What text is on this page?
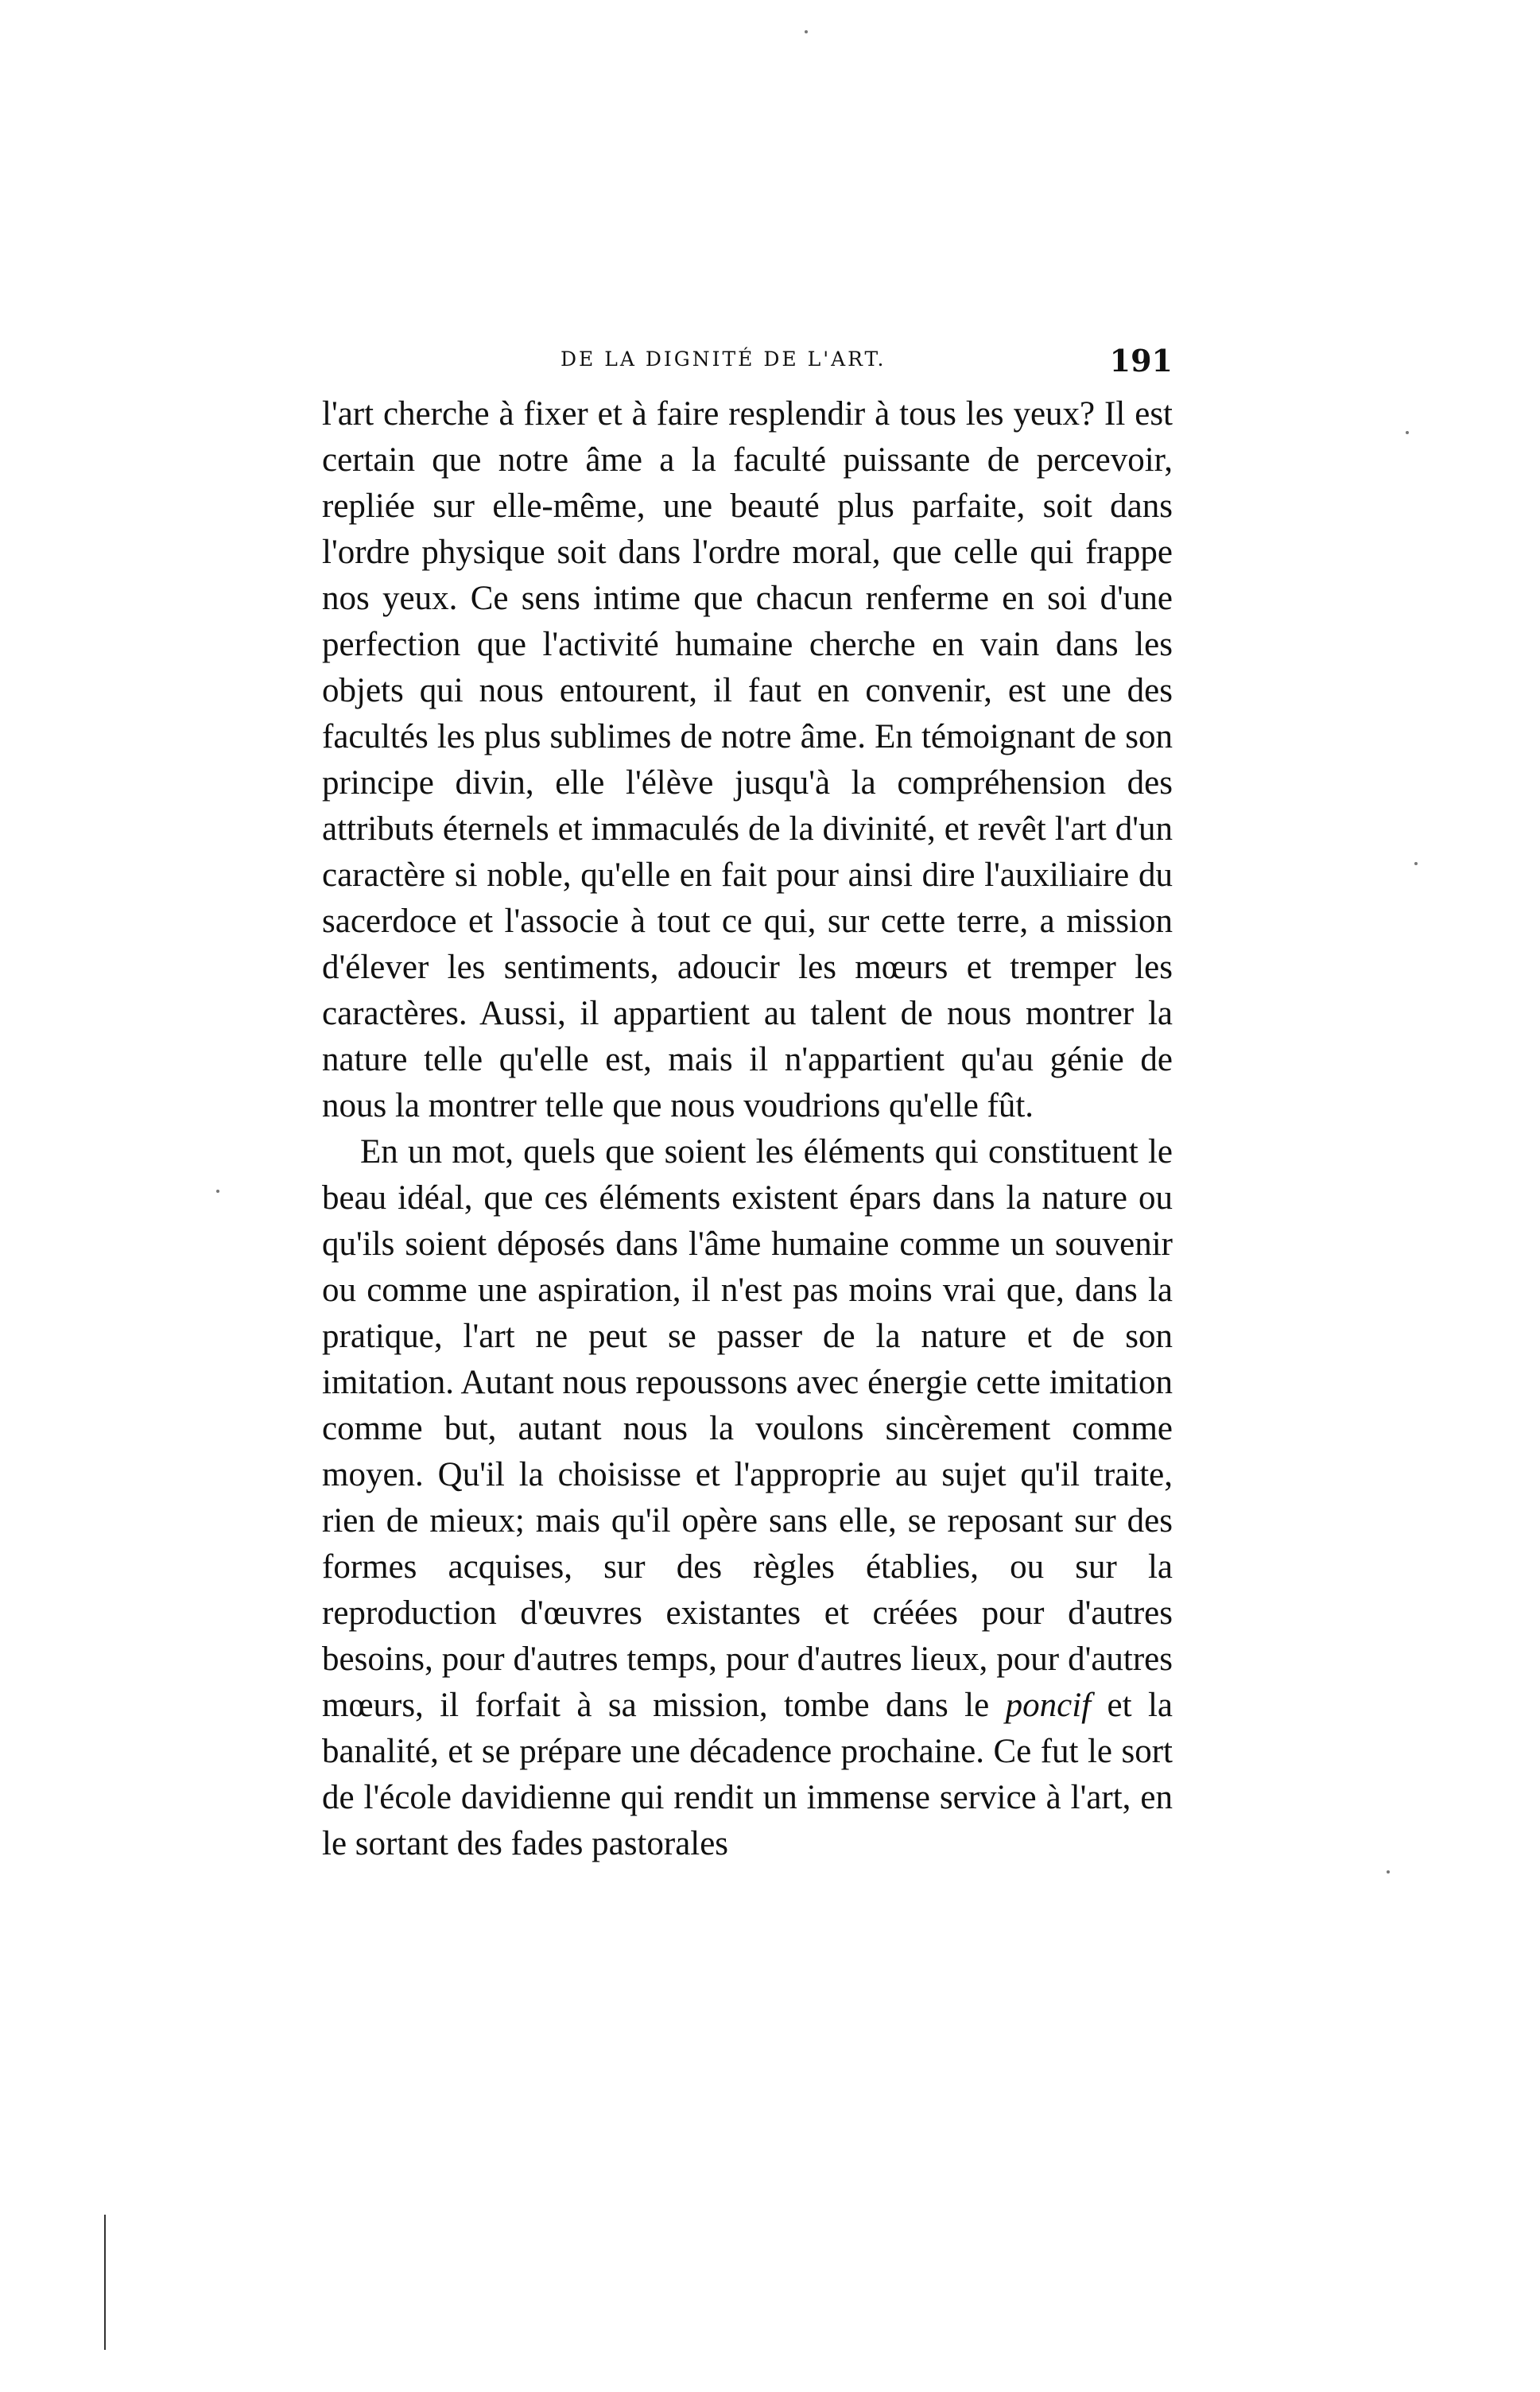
DE LA DIGNITÉ DE L'ART.	191

l'art cherche à fixer et à faire resplendir à tous les yeux? Il est certain que notre âme a la faculté puissante de percevoir, repliée sur elle-même, une beauté plus parfaite, soit dans l'ordre physique soit dans l'ordre moral, que celle qui frappe nos yeux. Ce sens intime que chacun renferme en soi d'une perfection que l'activité humaine cherche en vain dans les objets qui nous entourent, il faut en convenir, est une des facultés les plus sublimes de notre âme. En témoignant de son principe divin, elle l'élève jusqu'à la compréhension des attributs éternels et immaculés de la divinité, et revêt l'art d'un caractère si noble, qu'elle en fait pour ainsi dire l'auxiliaire du sacerdoce et l'associe à tout ce qui, sur cette terre, a mission d'élever les sentiments, adoucir les mœurs et tremper les caractères. Aussi, il appartient au talent de nous montrer la nature telle qu'elle est, mais il n'appartient qu'au génie de nous la montrer telle que nous voudrions qu'elle fût.

En un mot, quels que soient les éléments qui constituent le beau idéal, que ces éléments existent épars dans la nature ou qu'ils soient déposés dans l'âme humaine comme un souvenir ou comme une aspiration, il n'est pas moins vrai que, dans la pratique, l'art ne peut se passer de la nature et de son imitation. Autant nous repoussons avec énergie cette imitation comme but, autant nous la voulons sincèrement comme moyen. Qu'il la choisisse et l'approprie au sujet qu'il traite, rien de mieux; mais qu'il opère sans elle, se reposant sur des formes acquises, sur des règles établies, ou sur la reproduction d'œuvres existantes et créées pour d'autres besoins, pour d'autres temps, pour d'autres lieux, pour d'autres mœurs, il forfait à sa mission, tombe dans le poncif et la banalité, et se prépare une décadence prochaine. Ce fut le sort de l'école davidienne qui rendit un immense service à l'art, en le sortant des fades pastorales
